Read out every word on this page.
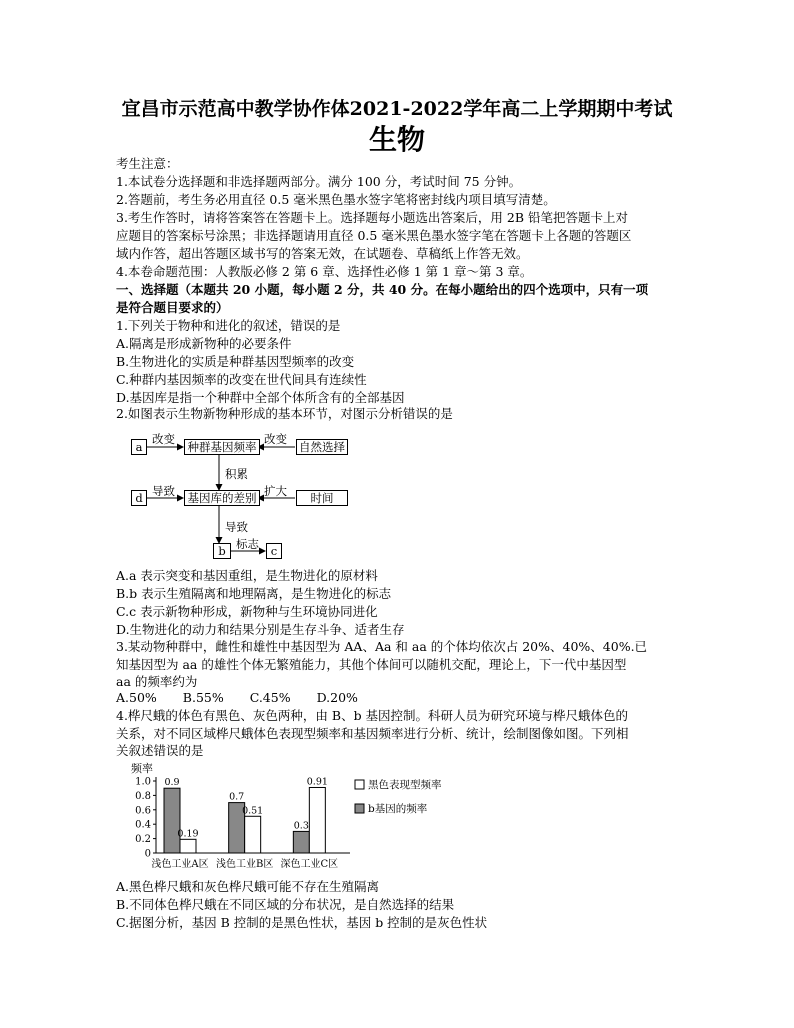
宜昌市示范高中教学协作体2021-2022学年高二上学期期中考试
生物
考生注意：
1.本试卷分选择题和非选择题两部分。满分 100 分，考试时间 75 分钟。
2.答题前，考生务必用直径 0.5 毫米黑色墨水签字笔将密封线内项目填写清楚。
3.考生作答时，请将答案答在答题卡上。选择题每小题选出答案后，用 2B 铅笔把答题卡上对
应题目的答案标号涂黑；非选择题请用直径 0.5 毫米黑色墨水签字笔在答题卡上各题的答题区
域内作答，超出答题区域书写的答案无效，在试题卷、草稿纸上作答无效。
4.本卷命题范围：人教版必修 2 第 6 章、选择性必修 1 第 1 章～第 3 章。
一、选择题（本题共 20 小题，每小题 2 分，共 40 分。在每小题给出的四个选项中，只有一项
是符合题目要求的）
1.下列关于物种和进化的叙述，错误的是
A.隔离是形成新物种的必要条件
B.生物进化的实质是种群基因型频率的改变
C.种群内基因频率的改变在世代间具有连续性
D.基因库是指一个种群中全部个体所含有的全部基因
2.如图表示生物新物种形成的基本环节，对图示分析错误的是
a
改变
种群基因频率
改变
自然选择
积累
d 导致	基因库的差别 扩大	时间
导致
b 标志	c
A.a 表示突变和基因重组，是生物进化的原材料
B.b 表示生殖隔离和地理隔离，是生物进化的标志
C.c 表示新物种形成，新物种与生环境协同进化
D.生物进化的动力和结果分别是生存斗争、适者生存
3.某动物种群中，雌性和雄性中基因型为 AA、Aa 和 aa 的个体均依次占 20%、40%、40%.已
知基因型为 aa 的雄性个体无繁殖能力，其他个体间可以随机交配，理论上，下一代中基因型
aa 的频率约为
A.50% B.55% C.45% D.20%
4.桦尺蛾的体色有黑色、灰色两种，由 B、b 基因控制。科研人员为研究环境与桦尺蛾体色的
关系，对不同区域桦尺蛾体色表现型频率和基因频率进行分析、统计，绘制图像如图。下列相
关叙述错误的是
频率
0
0.2
0.4
0.6
0.8
1.0 0.9
0.19
浅色工业A区
0.7
0.51
浅色工业B区
0.3
0.91
深色工业C区
黑色表现型频率
b基因的频率
A.黑色桦尺蛾和灰色桦尺蛾可能不存在生殖隔离
B.不同体色桦尺蛾在不同区域的分布状况，是自然选择的结果
C.据图分析，基因 B 控制的是黑色性状，基因 b 控制的是灰色性状
